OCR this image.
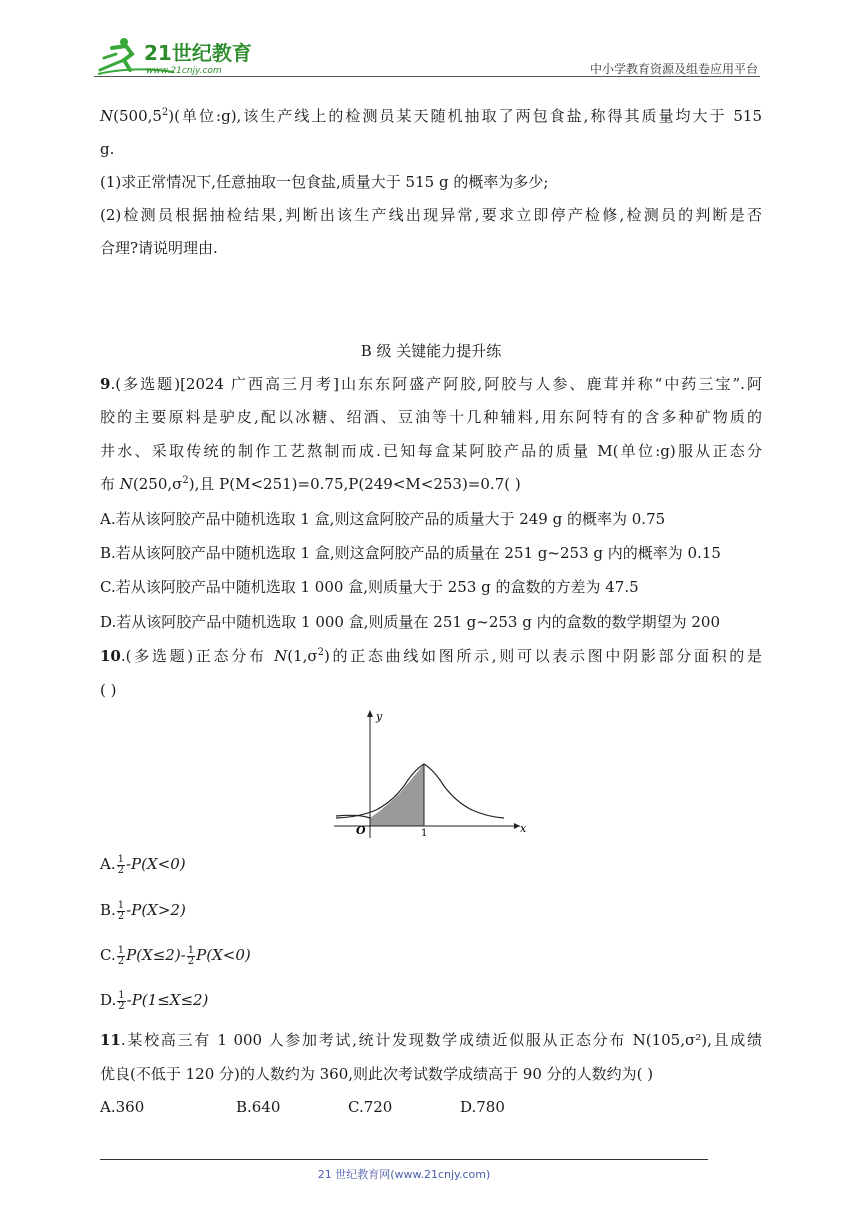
21世纪教育
www.21cnjy.com	中小学教育资源及组卷应用平台
N(500,5$^2$)(单位:g),该生产线上的检测员某天随机抽取了两包食盐,称得其质量均大于 515
g.
(1)求正常情况下,任意抽取一包食盐,质量大于 515 g 的概率为多少;
(2)检测员根据抽检结果,判断出该生产线出现异常,要求立即停产检修,检测员的判断是否
合理?请说明理由.
B 级 关键能力提升练
9.(多选题)[2024 广西高三月考]山东东阿盛产阿胶,阿胶与人参、鹿茸并称“中药三宝”.阿
胶的主要原料是驴皮,配以冰糖、绍酒、豆油等十几种辅料,用东阿特有的含多种矿物质的
井水、采取传统的制作工艺熬制而成.已知每盒某阿胶产品的质量 M(单位:g)服从正态分
布 $N(250,\sigma^2)$,且 P(M<251)=0.75,P(249<M<253)=0.7( )
A.若从该阿胶产品中随机选取 1 盒,则这盒阿胶产品的质量大于 249 g 的概率为 0.75
B.若从该阿胶产品中随机选取 1 盒,则这盒阿胶产品的质量在 251 g~253 g 内的概率为 0.15
C.若从该阿胶产品中随机选取 1 000 盒,则质量大于 253 g 的盒数的方差为 47.5
D.若从该阿胶产品中随机选取 1 000 盒,则质量在 251 g~253 g 内的盒数的数学期望为 200
10.(多选题)正态分布 $N(1,\sigma^2)$的正态曲线如图所示,则可以表示图中阴影部分面积的是
( )
y
x
O	1
A. $\frac{1}{2} -P(X<0)$
B. $\frac{1}{2} -P(X>2)$
C. $\frac{1}{2} P(X\le 2)- \frac{1}{2} P(X<0)$
D. $\frac{1}{2} -P(1\le X\le 2)$
11.某校高三有 1 000 人参加考试,统计发现数学成绩近似服从正态分布 N(105,σ²),且成绩
优良(不低于 120 分)的人数约为 360,则此次考试数学成绩高于 90 分的人数约为( )
A.360	B.640	C.720	D.780
21 世纪教育网(www.21cnjy.com)
